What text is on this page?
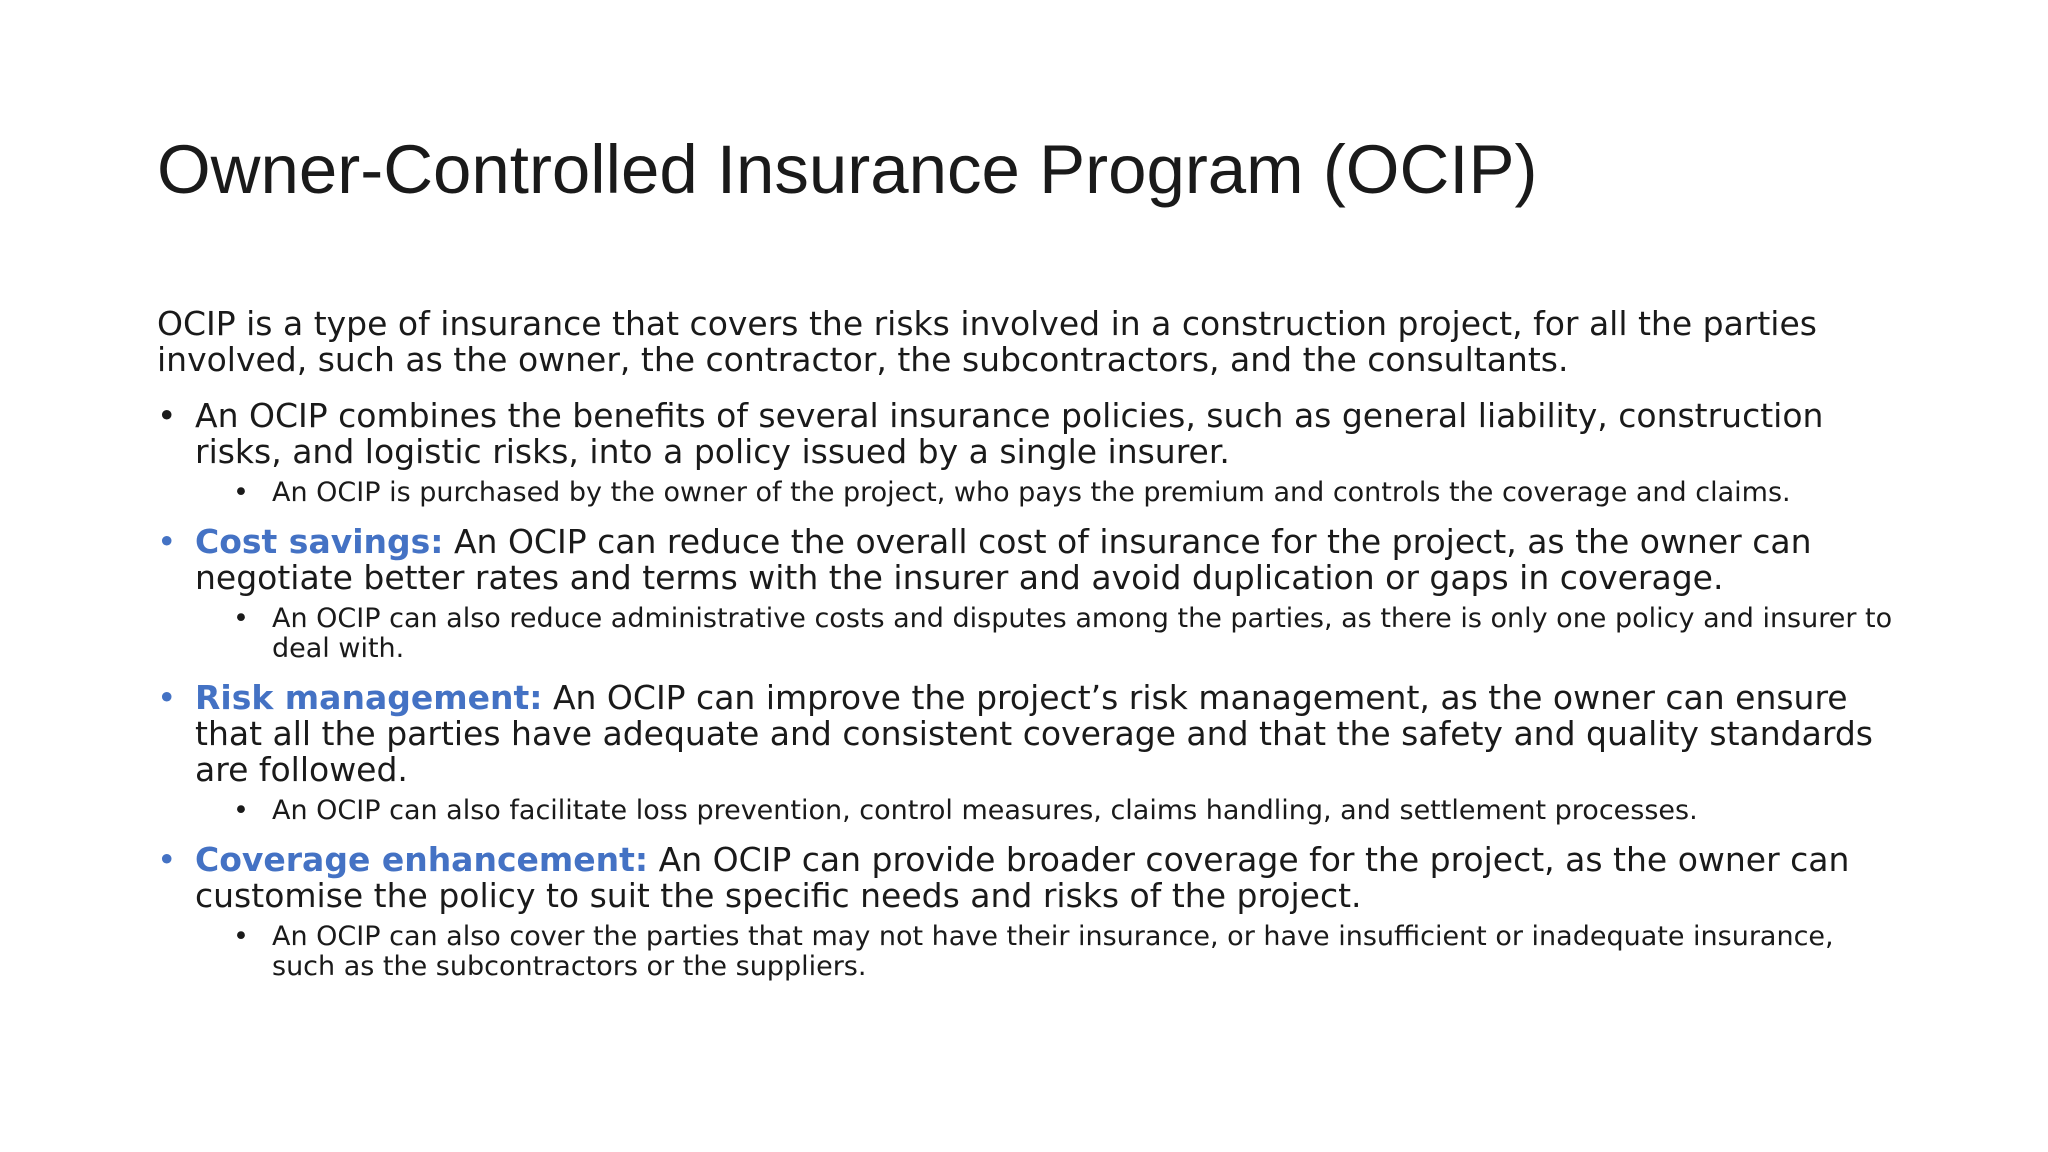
Owner-Controlled Insurance Program (OCIP)

OCIP is a type of insurance that covers the risks involved in a construction project, for all the parties involved, such as the owner, the contractor, the subcontractors, and the consultants.

• An OCIP combines the benefits of several insurance policies, such as general liability, construction risks, and logistic risks, into a policy issued by a single insurer.

• An OCIP is purchased by the owner of the project, who pays the premium and controls the coverage and claims.

• Cost savings: An OCIP can reduce the overall cost of insurance for the project, as the owner can negotiate better rates and terms with the insurer and avoid duplication or gaps in coverage.

• An OCIP can also reduce administrative costs and disputes among the parties, as there is only one policy and insurer to deal with.

• Risk management: An OCIP can improve the project’s risk management, as the owner can ensure that all the parties have adequate and consistent coverage and that the safety and quality standards are followed.

• An OCIP can also facilitate loss prevention, control measures, claims handling, and settlement processes.

• Coverage enhancement: An OCIP can provide broader coverage for the project, as the owner can customise the policy to suit the specific needs and risks of the project.

• An OCIP can also cover the parties that may not have their insurance, or have insufficient or inadequate insurance, such as the subcontractors or the suppliers.
